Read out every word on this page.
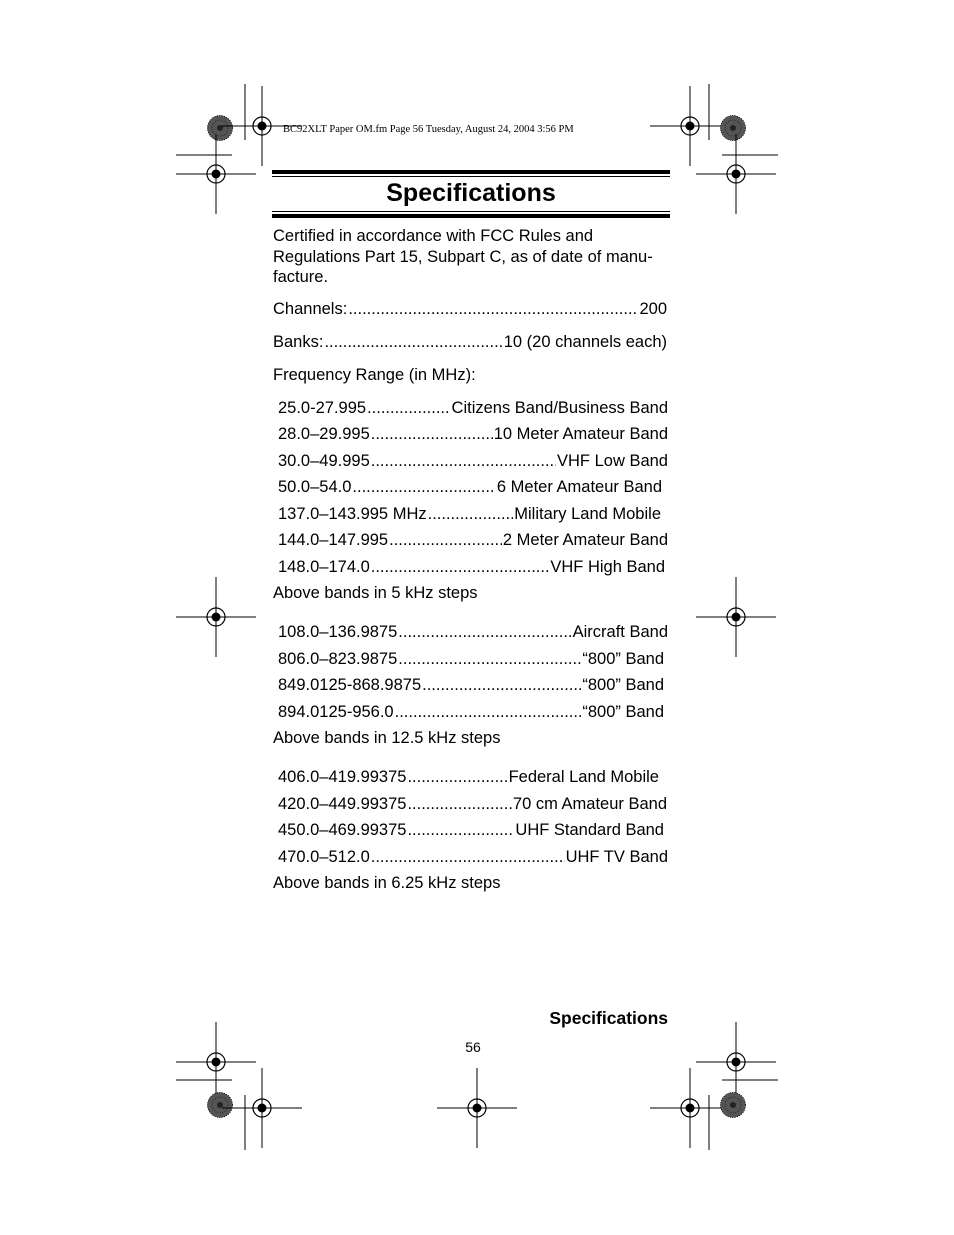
BC92XLT Paper OM.fm Page 56 Tuesday, August 24, 2004 3:56 PM
Specifications
Certified in accordance with FCC Rules and
Regulations Part 15, Subpart C, as of date of manu-
facture.
Channels: .....	200
Banks: .....	10 (20 channels each)
Frequency Range (in MHz):
25.0-27.995 .....	Citizens Band/Business Band
28.0–29.995 .....	10 Meter Amateur Band
30.0–49.995 .....	VHF Low Band
50.0–54.0 .....	6 Meter Amateur Band
137.0–143.995 MHz .....	Military Land Mobile
144.0–147.995 .....	2 Meter Amateur Band
148.0–174.0 .....	VHF High Band
Above bands in 5 kHz steps
108.0–136.9875 .....	Aircraft Band
806.0–823.9875 .....	“800” Band
849.0125-868.9875 .....	“800” Band
894.0125-956.0 .....	“800” Band
Above bands in 12.5 kHz steps
406.0–419.99375 .....	Federal Land Mobile
420.0–449.99375 .....	70 cm Amateur Band
450.0–469.99375 .....	UHF Standard Band
470.0–512.0 .....	UHF TV Band
Above bands in 6.25 kHz steps
Specifications
56
